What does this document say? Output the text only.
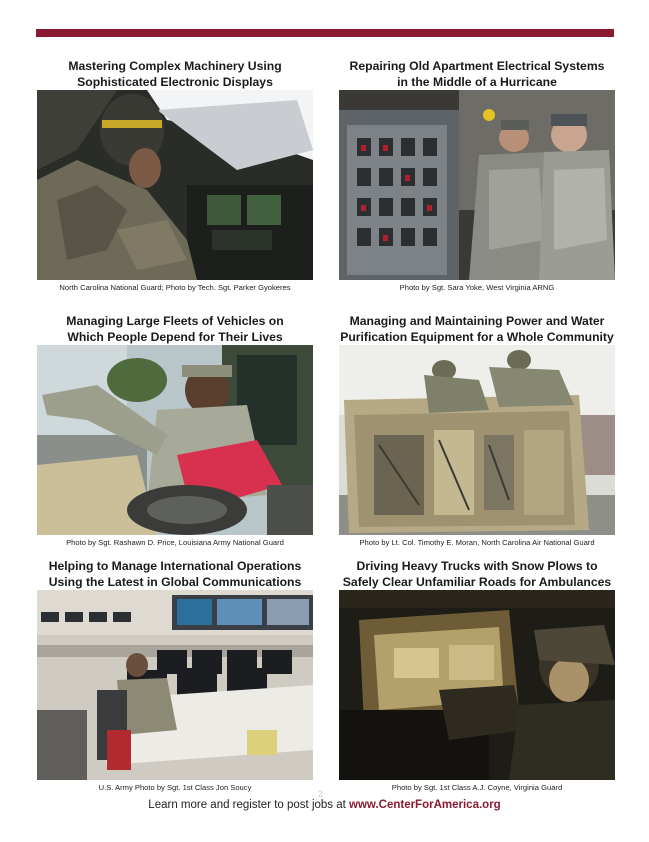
Mastering Complex Machinery Using
Sophisticated Electronic Displays
North Carolina National Guard; Photo by Tech. Sgt. Parker Gyokeres
Repairing Old Apartment Electrical Systems
in the Middle of a Hurricane
Photo by Sgt. Sara Yoke, West Virginia ARNG
Managing Large Fleets of Vehicles on
Which People Depend for Their Lives
Photo by Sgt. Rashawn D. Price, Louisiana Army National Guard
Managing and Maintaining Power and Water
Purification Equipment for a Whole Community
Photo by Lt. Col. Timothy E. Moran, North Carolina Air National Guard
Helping to Manage International Operations
Using the Latest in Global Communications
U.S. Army Photo by Sgt. 1st Class Jon Soucy
Driving Heavy Trucks with Snow Plows to
Safely Clear Unfamiliar Roads for Ambulances
Photo by Sgt. 1st Class A.J. Coyne, Virginia Guard
2
Learn more and register to post jobs at www.CenterForAmerica.org
